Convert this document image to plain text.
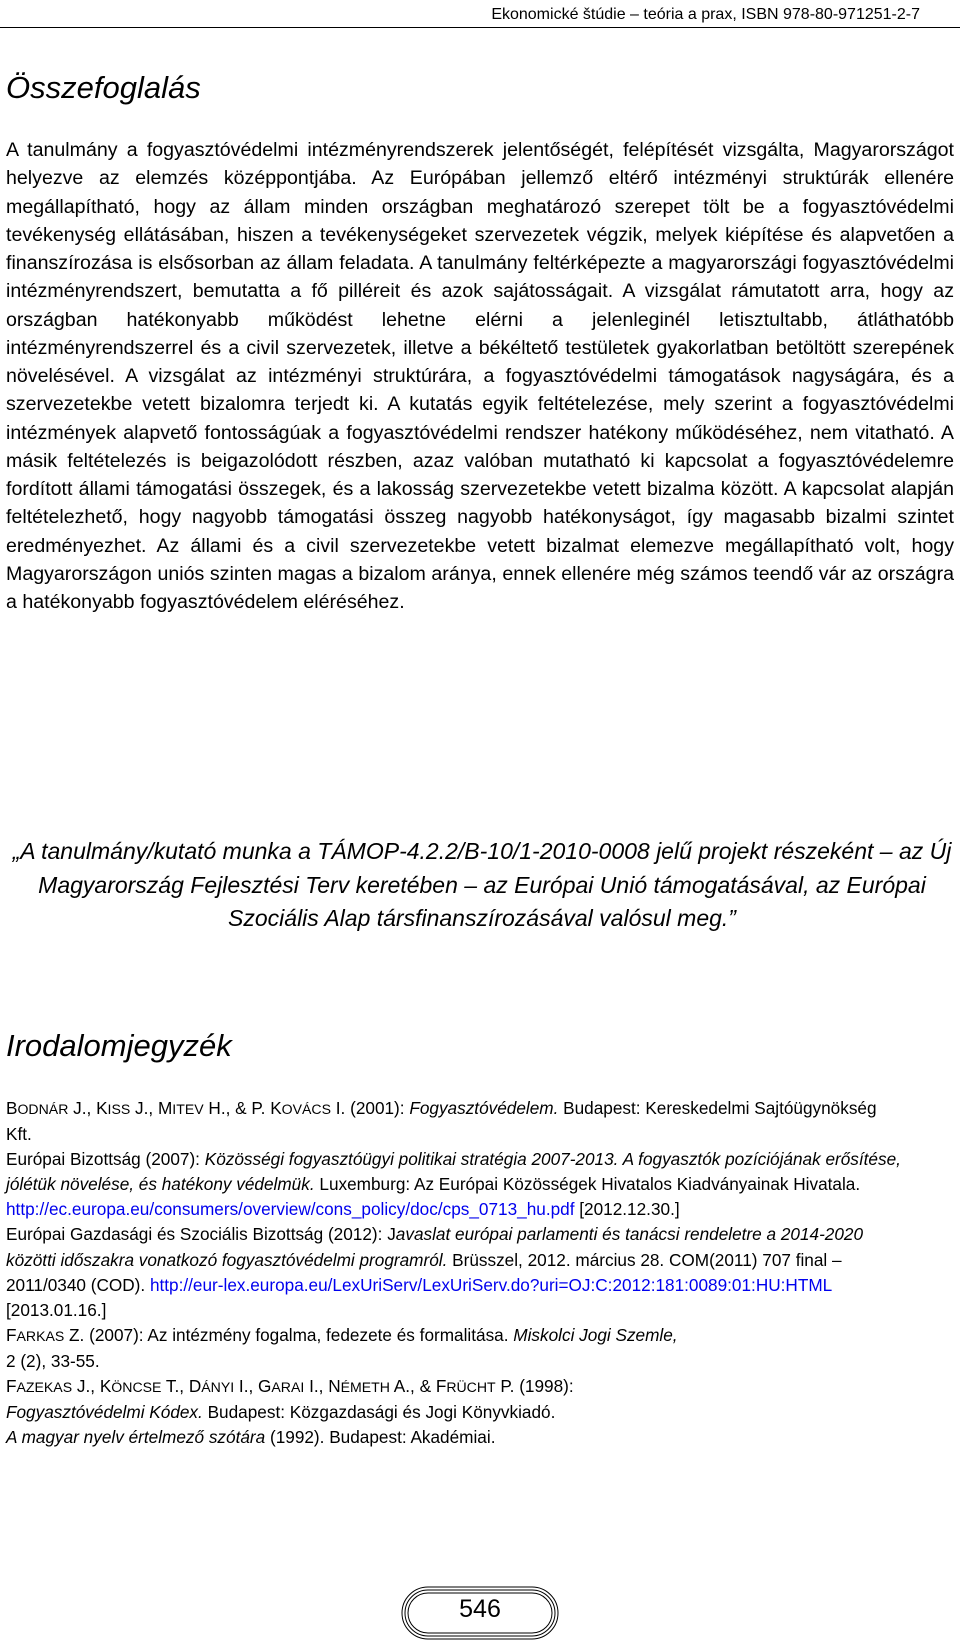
Ekonomické štúdie – teória a prax, ISBN 978-80-971251-2-7
Összefoglalás
A tanulmány a fogyasztóvédelmi intézményrendszerek jelentőségét, felépítését vizsgálta, Magyarországot helyezve az elemzés középpontjába. Az Európában jellemző eltérő intézményi struktúrák ellenére megállapítható, hogy az állam minden országban meghatározó szerepet tölt be a fogyasztóvédelmi tevékenység ellátásában, hiszen a tevékenységeket szervezetek végzik, melyek kiépítése és alapvetően a finanszírozása is elsősorban az állam feladata. A tanulmány feltérképezte a magyarországi fogyasztóvédelmi intézményrendszert, bemutatta a fő pilléreit és azok sajátosságait. A vizsgálat rámutatott arra, hogy az országban hatékonyabb működést lehetne elérni a jelenleginél letisztultabb, átláthatóbb intézményrendszerrel és a civil szervezetek, illetve a békéltető testületek gyakorlatban betöltött szerepének növelésével. A vizsgálat az intézményi struktúrára, a fogyasztóvédelmi támogatások nagyságára, és a szervezetekbe vetett bizalomra terjedt ki. A kutatás egyik feltételezése, mely szerint a fogyasztóvédelmi intézmények alapvető fontosságúak a fogyasztóvédelmi rendszer hatékony működéséhez, nem vitatható. A másik feltételezés is beigazolódott részben, azaz valóban mutatható ki kapcsolat a fogyasztóvédelemre fordított állami támogatási összegek, és a lakosság szervezetekbe vetett bizalma között. A kapcsolat alapján feltételezhető, hogy nagyobb támogatási összeg nagyobb hatékonyságot, így magasabb bizalmi szintet eredményezhet. Az állami és a civil szervezetekbe vetett bizalmat elemezve megállapítható volt, hogy Magyarországon uniós szinten magas a bizalom aránya, ennek ellenére még számos teendő vár az országra a hatékonyabb fogyasztóvédelem eléréséhez.
„A tanulmány/kutató munka a TÁMOP-4.2.2/B-10/1-2010-0008 jelű projekt részeként – az Új Magyarország Fejlesztési Terv keretében – az Európai Unió támogatásával, az Európai Szociális Alap társfinanszírozásával valósul meg.”
Irodalomjegyzék

BODNÁR J., KISS J., MITEV H., & P. KOVÁCS I. (2001): Fogyasztóvédelem. Budapest: Kereskedelmi Sajtóügynökség Kft.

Európai Bizottság (2007): Közösségi fogyasztóügyi politikai stratégia 2007-2013. A fogyasztók pozíciójának erősítése, jólétük növelése, és hatékony védelmük. Luxemburg: Az Európai Közösségek Hivatalos Kiadványainak Hivatala.
http://ec.europa.eu/consumers/overview/cons_policy/doc/cps_0713_hu.pdf [2012.12.30.]

Európai Gazdasági és Szociális Bizottság (2012): Javaslat európai parlamenti és tanácsi rendeletre a 2014-2020 közötti időszakra vonatkozó fogyasztóvédelmi programról. Brüsszel, 2012. március 28. COM(2011) 707 final – 2011/0340 (COD). http://eur-lex.europa.eu/LexUriServ/LexUriServ.do?uri=OJ:C:2012:181:0089:01:HU:HTML
[2013.01.16.]

FARKAS Z. (2007): Az intézmény fogalma, fedezete és formalitása. Miskolci Jogi Szemle,
2 (2), 33-55.

FAZEKAS J., KÖNCSE T., DÁNYI I., GARAI I., NÉMETH A., & FRÜCHT P. (1998):
Fogyasztóvédelmi Kódex. Budapest: Közgazdasági és Jogi Könyvkiadó.

A magyar nyelv értelmező szótára (1992). Budapest: Akadémiai.

546
